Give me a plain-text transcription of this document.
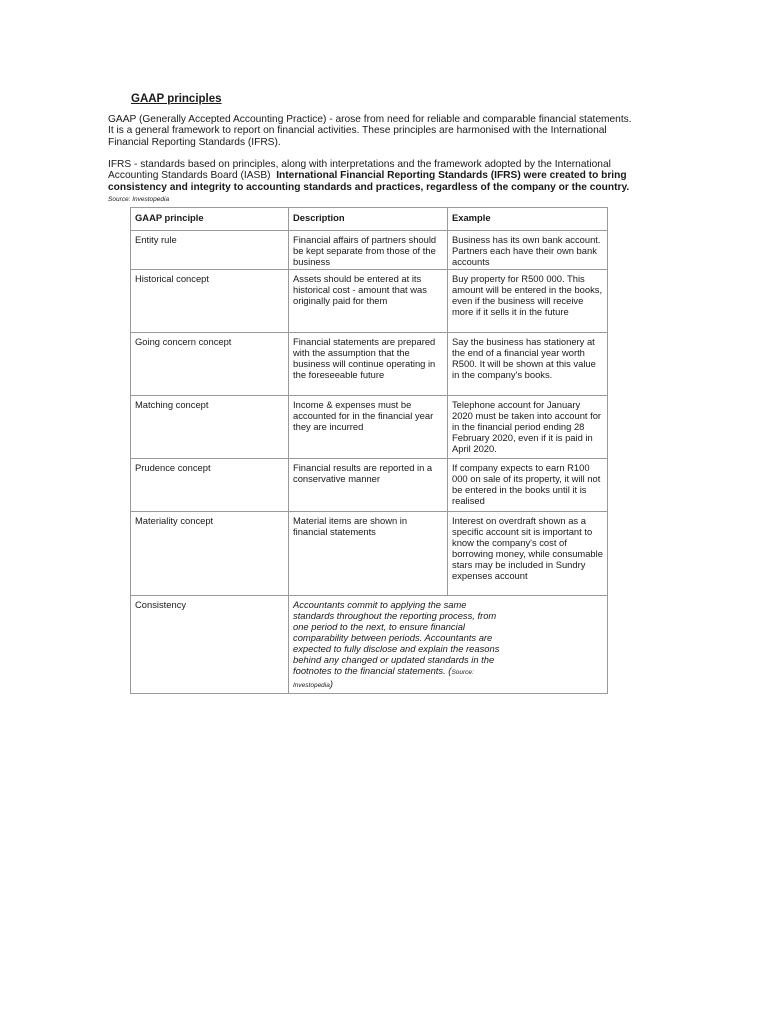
GAAP principles

GAAP (Generally Accepted Accounting Practice) - arose from need for reliable and comparable financial statements. It is a general framework to report on financial activities. These principles are harmonised with the International Financial Reporting Standards (IFRS).

IFRS - standards based on principles, along with interpretations and the framework adopted by the International Accounting Standards Board (IASB) International Financial Reporting Standards (IFRS) were created to bring consistency and integrity to accounting standards and practices, regardless of the company or the country. Source: Investopedia

GAAP principle	Description	Example
Entity rule	Financial affairs of partners should be kept separate from those of the business	Business has its own bank account. Partners each have their own bank accounts
Historical concept	Assets should be entered at its historical cost - amount that was originally paid for them	Buy property for R500 000. This amount will be entered in the books, even if the business will receive more if it sells it in the future
Going concern concept	Financial statements are prepared with the assumption that the business will continue operating in the foreseeable future	Say the business has stationery at the end of a financial year worth R500. It will be shown at this value in the company's books.
Matching concept	Income & expenses must be accounted for in the financial year they are incurred	Telephone account for January 2020 must be taken into account for in the financial period ending 28 February 2020, even if it is paid in April 2020.
Prudence concept	Financial results are reported in a conservative manner	If company expects to earn R100 000 on sale of its property, it will not be entered in the books until it is realised
Materiality concept	Material items are shown in financial statements	Interest on overdraft shown as a specific account sit is important to know the company's cost of borrowing money, while consumable stars may be included in Sundry expenses account
Consistency	Accountants commit to applying the same standards throughout the reporting process, from one period to the next, to ensure financial comparability between periods. Accountants are expected to fully disclose and explain the reasons behind any changed or updated standards in the footnotes to the financial statements. (Source: Investopedia)	
